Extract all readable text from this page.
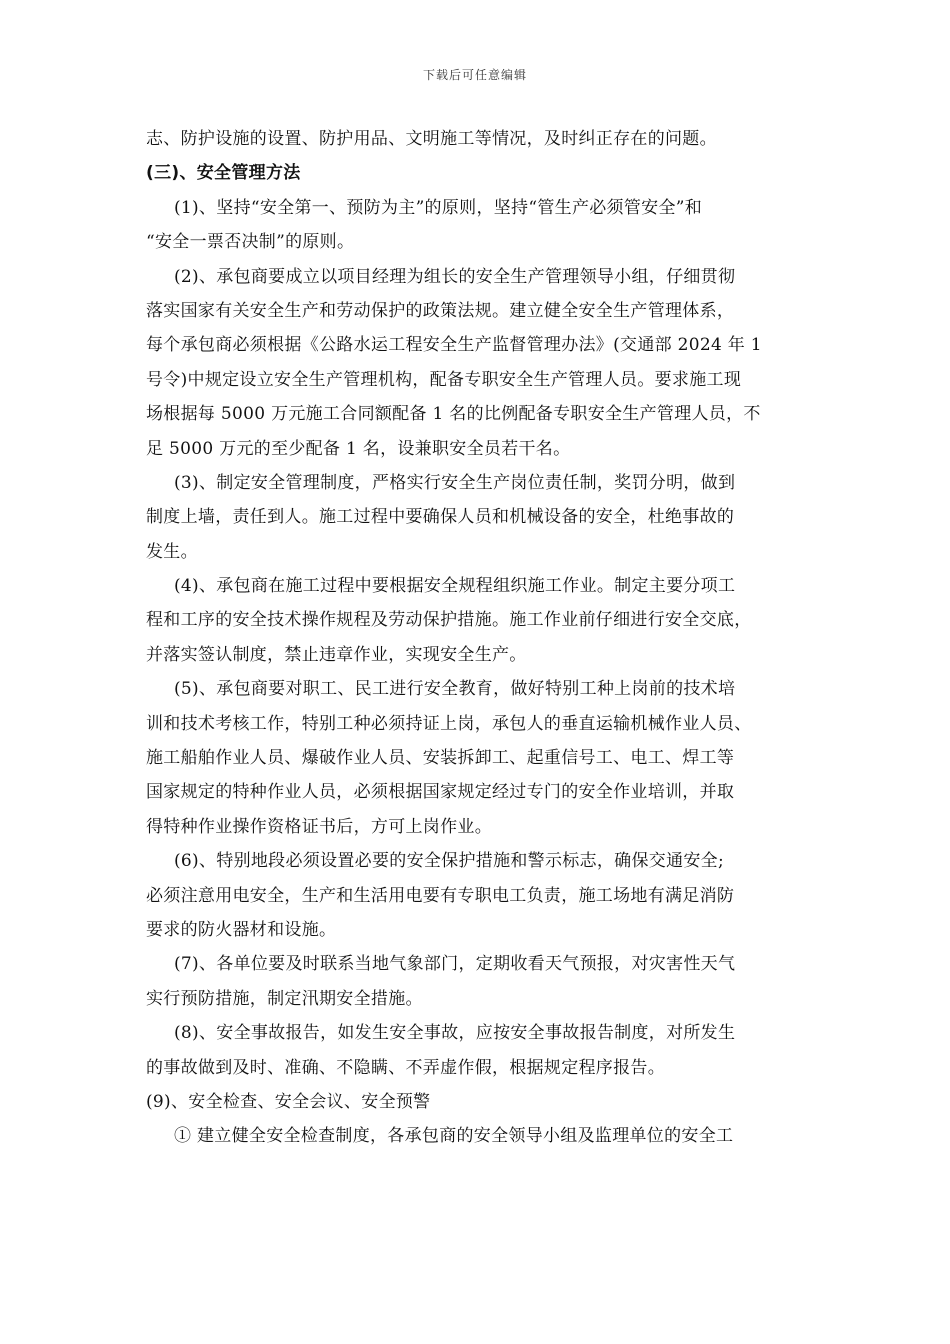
下载后可任意编辑
志、防护设施的设置、防护用品、文明施工等情况，及时纠正存在的问题。
(三)、安全管理方法
(1)、坚持“安全第一、预防为主”的原则，坚持“管生产必须管安全”和
“安全一票否决制”的原则。
(2)、承包商要成立以项目经理为组长的安全生产管理领导小组，仔细贯彻
落实国家有关安全生产和劳动保护的政策法规。建立健全安全生产管理体系，
每个承包商必须根据《公路水运工程安全生产监督管理办法》(交通部 2024 年 1
号令)中规定设立安全生产管理机构，配备专职安全生产管理人员。要求施工现
场根据每 5000 万元施工合同额配备 1 名的比例配备专职安全生产管理人员，不
足 5000 万元的至少配备 1 名，设兼职安全员若干名。
(3)、制定安全管理制度，严格实行安全生产岗位责任制，奖罚分明，做到
制度上墙，责任到人。施工过程中要确保人员和机械设备的安全，杜绝事故的
发生。
(4)、承包商在施工过程中要根据安全规程组织施工作业。制定主要分项工
程和工序的安全技术操作规程及劳动保护措施。施工作业前仔细进行安全交底，
并落实签认制度，禁止违章作业，实现安全生产。
(5)、承包商要对职工、民工进行安全教育，做好特别工种上岗前的技术培
训和技术考核工作，特别工种必须持证上岗，承包人的垂直运输机械作业人员、
施工船舶作业人员、爆破作业人员、安装拆卸工、起重信号工、电工、焊工等
国家规定的特种作业人员，必须根据国家规定经过专门的安全作业培训，并取
得特种作业操作资格证书后，方可上岗作业。
(6)、特别地段必须设置必要的安全保护措施和警示标志，确保交通安全;
必须注意用电安全，生产和生活用电要有专职电工负责，施工场地有满足消防
要求的防火器材和设施。
(7)、各单位要及时联系当地气象部门，定期收看天气预报，对灾害性天气
实行预防措施，制定汛期安全措施。
(8)、安全事故报告，如发生安全事故，应按安全事故报告制度，对所发生
的事故做到及时、准确、不隐瞒、不弄虚作假，根据规定程序报告。
(9)、安全检查、安全会议、安全预警
① 建立健全安全检查制度，各承包商的安全领导小组及监理单位的安全工
